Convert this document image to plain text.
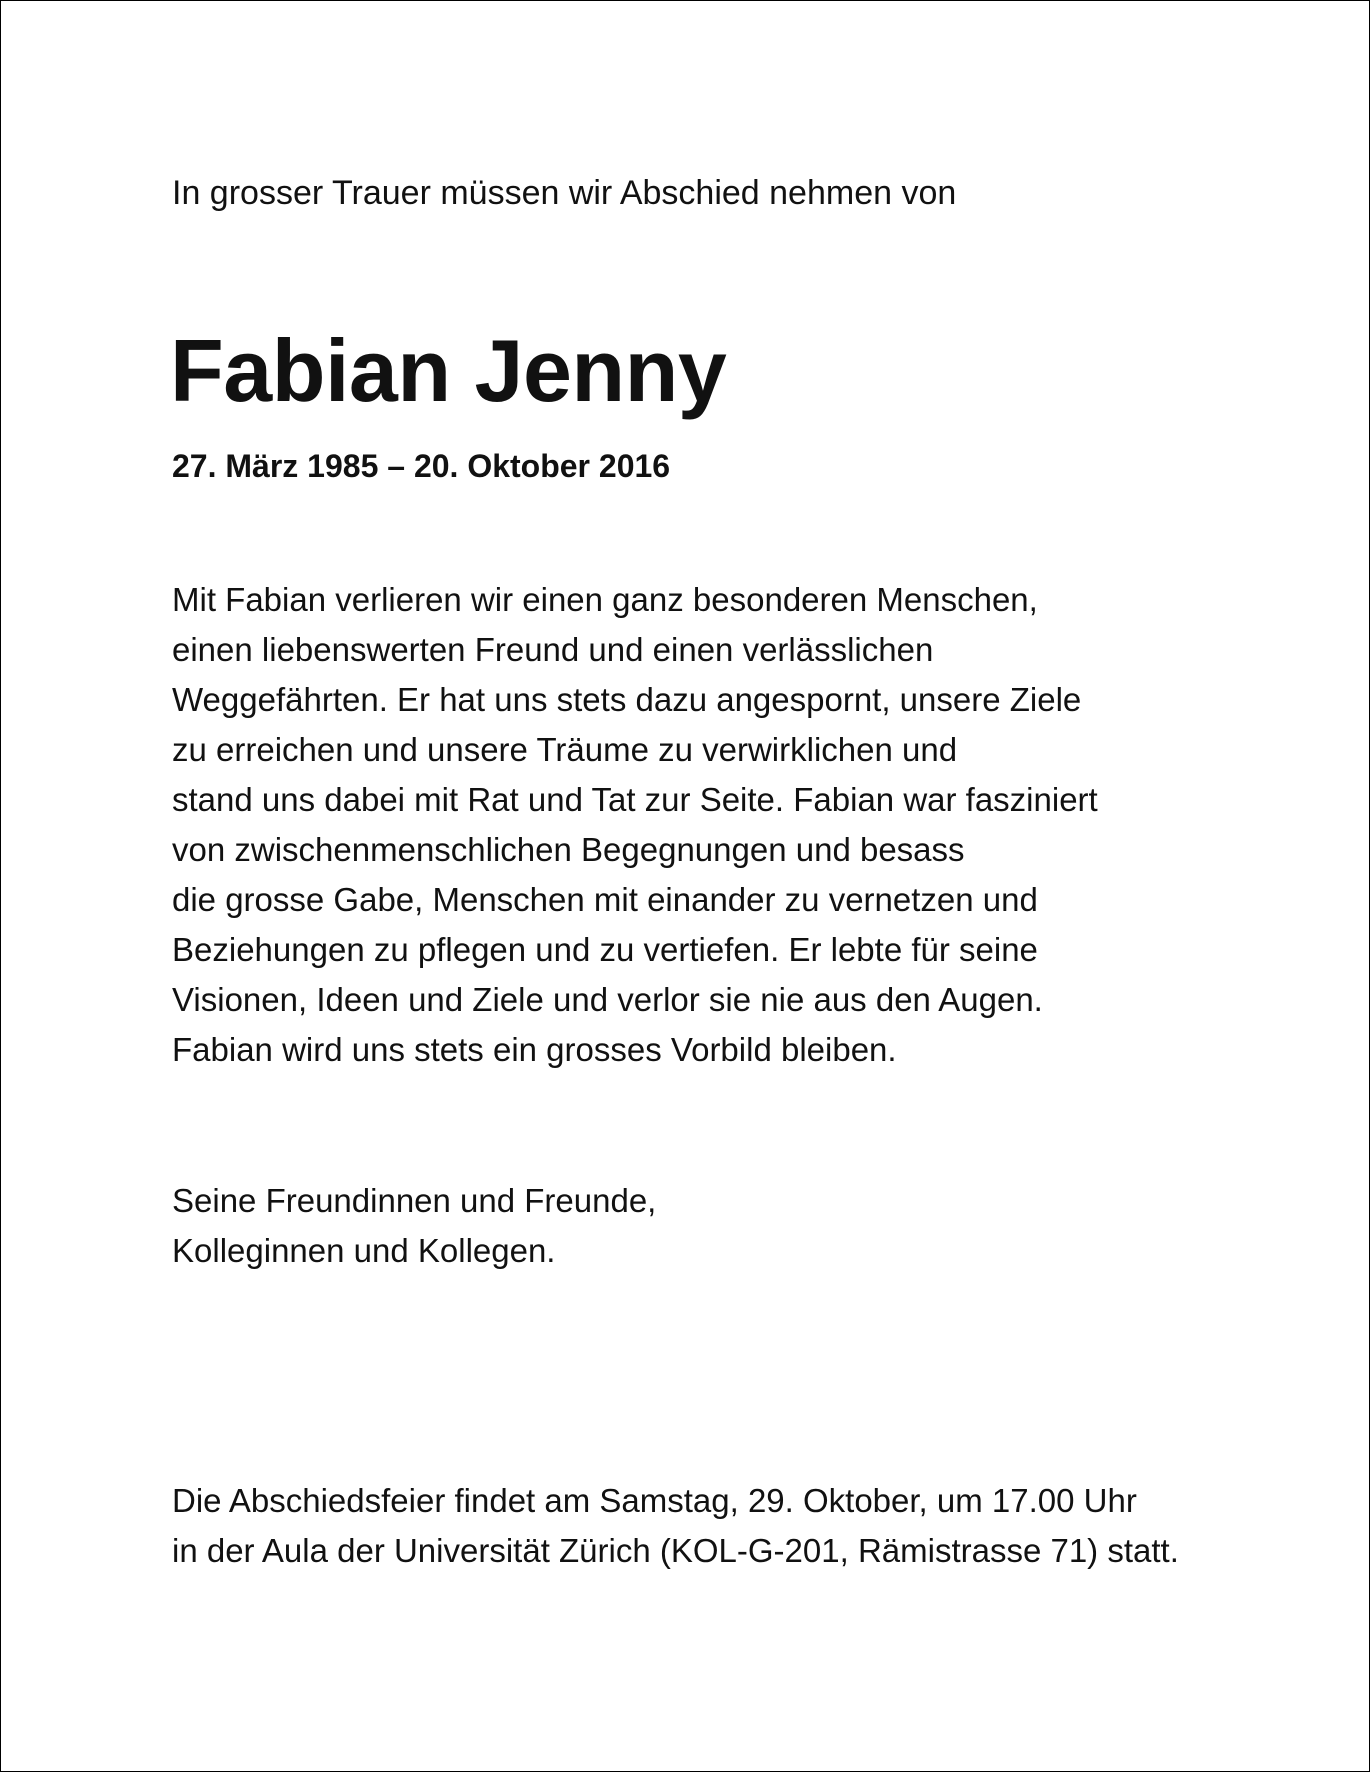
In grosser Trauer müssen wir Abschied nehmen von
Fabian Jenny
27. März 1985 – 20. Oktober 2016
Mit Fabian verlieren wir einen ganz besonderen Menschen,
einen liebenswerten Freund und einen verlässlichen
Weggefährten. Er hat uns stets dazu angespornt, unsere Ziele
zu erreichen und unsere Träume zu verwirklichen und
stand uns dabei mit Rat und Tat zur Seite. Fabian war fasziniert
von zwischenmenschlichen Begegnungen und besass
die grosse Gabe, Menschen mit einander zu vernetzen und
Beziehungen zu pflegen und zu vertiefen. Er lebte für seine
Visionen, Ideen und Ziele und verlor sie nie aus den Augen.
Fabian wird uns stets ein grosses Vorbild bleiben.
Seine Freundinnen und Freunde,
Kolleginnen und Kollegen.
Die Abschiedsfeier findet am Samstag, 29. Oktober, um 17.00 Uhr
in der Aula der Universität Zürich (KOL-G-201, Rämistrasse 71) statt.
